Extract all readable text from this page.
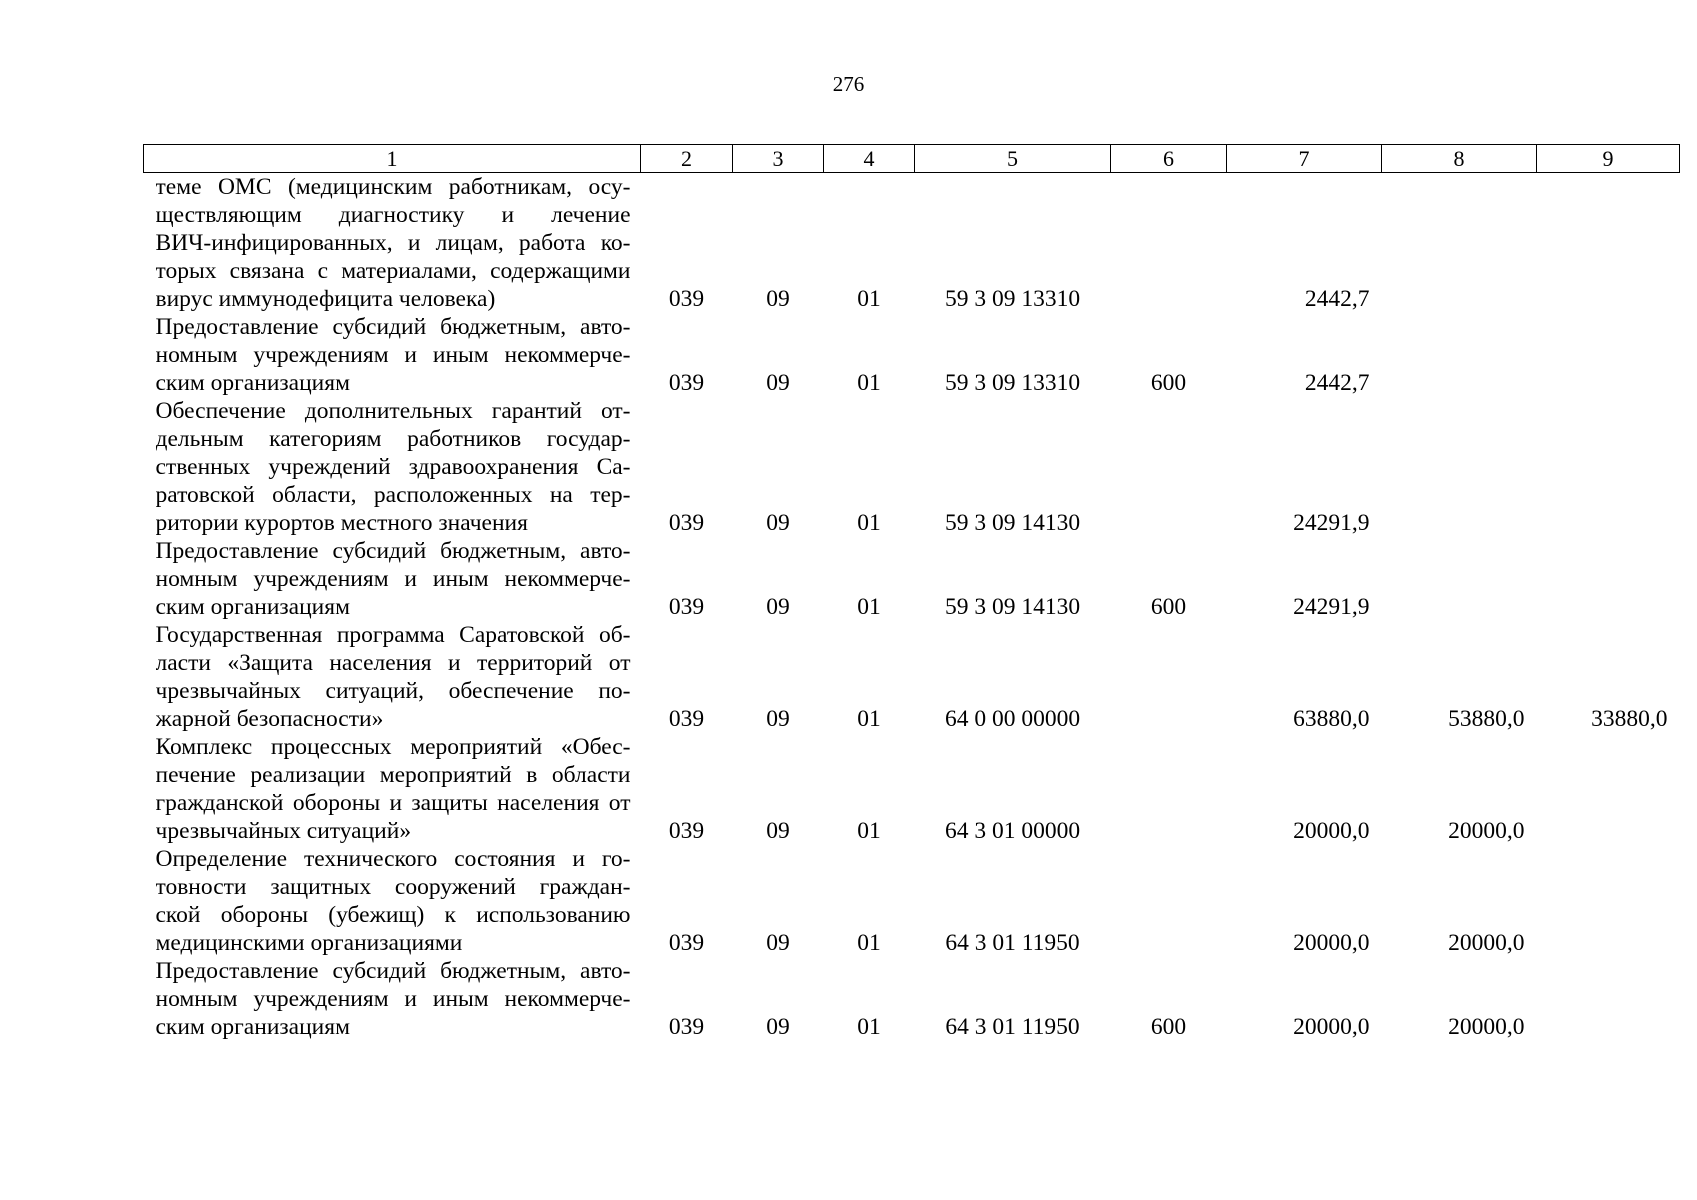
276
1	2	3	4	5	6	7	8	9

теме ОМС (медицинским работникам, осу-
ществляющим диагностику и лечение
ВИЧ-инфицированных, и лицам, работа ко-
торых связана с материалами, содержащими
вирус иммунодефицита человека)	039	09	01	59 3 09 13310		2442,7		

Предоставление субсидий бюджетным, авто-
номным учреждениям и иным некоммерче-
ским организациям	039	09	01	59 3 09 13310	600	2442,7		

Обеспечение дополнительных гарантий от-
дельным категориям работников государ-
ственных учреждений здравоохранения Са-
ратовской области, расположенных на тер-
ритории курортов местного значения	039	09	01	59 3 09 14130		24291,9		

Предоставление субсидий бюджетным, авто-
номным учреждениям и иным некоммерче-
ским организациям	039	09	01	59 3 09 14130	600	24291,9		

Государственная программа Саратовской об-
ласти «Защита населения и территорий от
чрезвычайных ситуаций, обеспечение по-
жарной безопасности»	039	09	01	64 0 00 00000		63880,0	53880,0	33880,0

Комплекс процессных мероприятий «Обес-
печение реализации мероприятий в области
гражданской обороны и защиты населения от
чрезвычайных ситуаций»	039	09	01	64 3 01 00000		20000,0	20000,0	

Определение технического состояния и го-
товности защитных сооружений граждан-
ской обороны (убежищ) к использованию
медицинскими организациями	039	09	01	64 3 01 11950		20000,0	20000,0	

Предоставление субсидий бюджетным, авто-
номным учреждениям и иным некоммерче-
ским организациям	039	09	01	64 3 01 11950	600	20000,0	20000,0	
